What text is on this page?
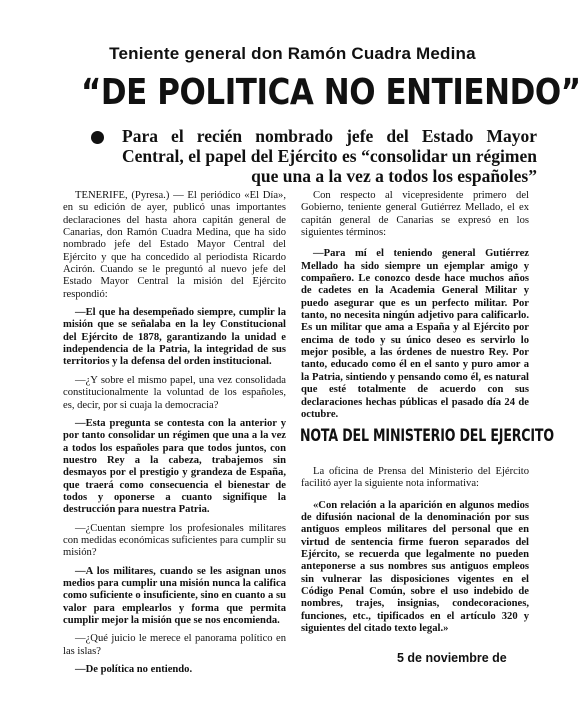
Teniente general don Ramón Cuadra Medina
“DE POLITICA NO ENTIENDO”
Para el recién nombrado jefe del Estado Mayor Central, el papel del Ejército es “consolidar un régimen que una a la vez a todos los españoles”

TENERIFE, (Pyresa.) — El periódico «El Día», en su edición de ayer, publicó unas importantes declaraciones del hasta ahora capitán general de Canarias, don Ramón Cuadra Medina, que ha sido nombrado jefe del Estado Mayor Central del Ejército y que ha concedido al periodista Ricardo Acirón. Cuando se le preguntó al nuevo jefe del Estado Mayor Central la misión del Ejército respondió:

—El que ha desempeñado siempre, cumplir la misión que se señalaba en la ley Constitucional del Ejército de 1878, garantizando la unidad e independencia de la Patria, la integridad de sus territorios y la defensa del orden institucional.

—¿Y sobre el mismo papel, una vez consolidada constitucionalmente la voluntad de los españoles, es, decir, por si cuaja la democracia?

—Esta pregunta se contesta con la anterior y por tanto consolidar un régimen que una a la vez a todos los españoles para que todos juntos, con nuestro Rey a la cabeza, trabajemos sin desmayos por el prestigio y grandeza de España, que traerá como consecuencia el bienestar de todos y oponerse a cuanto signifique la destrucción para nuestra Patria.

—¿Cuentan siempre los profesionales militares con medidas económicas suficientes para cumplir su misión?

—A los militares, cuando se les asignan unos medios para cumplir una misión nunca la califica como suficiente o insuficiente, sino en cuanto a su valor para emplearlos y forma que permita cumplir mejor la misión que se nos encomienda.

—¿Qué juicio le merece el panorama político en las islas?

—De política no entiendo.

Con respecto al vicepresidente primero del Gobierno, teniente general Gutiérrez Mellado, el ex capitán general de Canarias se expresó en los siguientes términos:

—Para mí el teniendo general Gutiérrez Mellado ha sido siempre un ejemplar amigo y compañero. Le conozco desde hace muchos años de cadetes en la Academia General Militar y puedo asegurar que es un perfecto militar. Por tanto, no necesita ningún adjetivo para calificarlo. Es un militar que ama a España y al Ejército por encima de todo y su único deseo es servirlo lo mejor posible, a las órdenes de nuestro Rey. Por tanto, educado como él en el santo y puro amor a la Patria, sintiendo y pensando como él, es natural que esté totalmente de acuerdo con sus declaraciones hechas públicas el pasado día 24 de octubre.

NOTA DEL MINISTERIO DEL EJERCITO

La oficina de Prensa del Ministerio del Ejército facilitó ayer la siguiente nota informativa:

«Con relación a la aparición en algunos medios de difusión nacional de la denominación por sus antiguos empleos militares del personal que en virtud de sentencia firme fueron separados del Ejército, se recuerda que legalmente no pueden anteponerse a sus nombres sus antiguos empleos sin vulnerar las disposiciones vigentes en el Código Penal Común, sobre el uso indebido de nombres, trajes, insignias, condecoraciones, funciones, etc., tipificados en el artículo 320 y siguientes del citado texto legal.»

5 de noviembre de
